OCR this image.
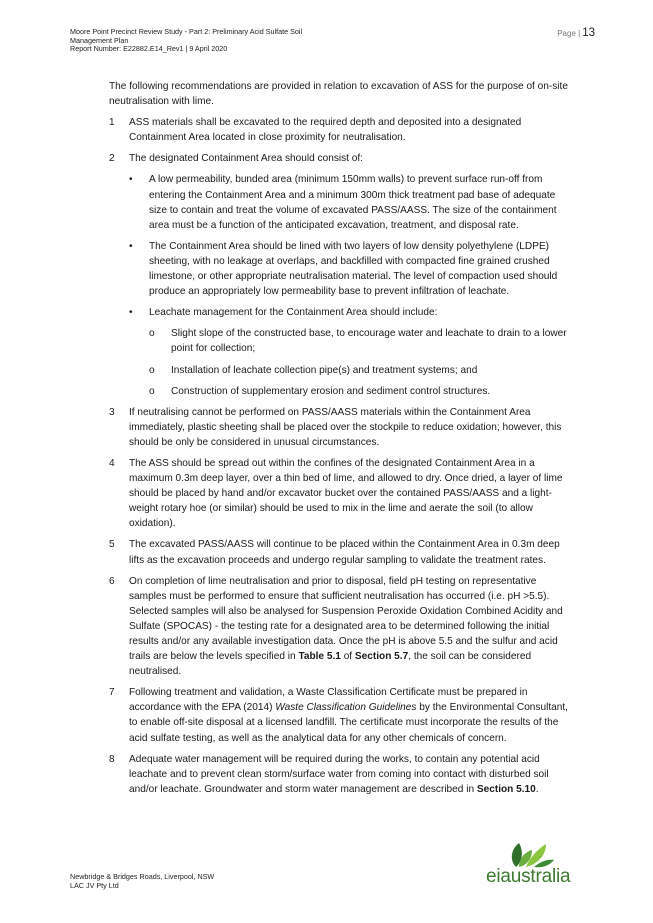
Moore Point Precinct Review Study - Part 2: Preliminary Acid Sulfate Soil
Management Plan
Report Number: E22882.E14_Rev1 | 9 April 2020
Page | 13

The following recommendations are provided in relation to excavation of ASS for the purpose of on-site neutralisation with lime.

1 ASS materials shall be excavated to the required depth and deposited into a designated Containment Area located in close proximity for neutralisation.
2 The designated Containment Area should consist of:
• A low permeability, bunded area (minimum 150mm walls) to prevent surface run-off from entering the Containment Area and a minimum 300m thick treatment pad base of adequate size to contain and treat the volume of excavated PASS/AASS. The size of the containment area must be a function of the anticipated excavation, treatment, and disposal rate.
• The Containment Area should be lined with two layers of low density polyethylene (LDPE) sheeting, with no leakage at overlaps, and backfilled with compacted fine grained crushed limestone, or other appropriate neutralisation material. The level of compaction used should produce an appropriately low permeability base to prevent infiltration of leachate.
• Leachate management for the Containment Area should include:
o Slight slope of the constructed base, to encourage water and leachate to drain to a lower point for collection;
o Installation of leachate collection pipe(s) and treatment systems; and
o Construction of supplementary erosion and sediment control structures.
3 If neutralising cannot be performed on PASS/AASS materials within the Containment Area immediately, plastic sheeting shall be placed over the stockpile to reduce oxidation; however, this should be only be considered in unusual circumstances.
4 The ASS should be spread out within the confines of the designated Containment Area in a maximum 0.3m deep layer, over a thin bed of lime, and allowed to dry. Once dried, a layer of lime should be placed by hand and/or excavator bucket over the contained PASS/AASS and a light-weight rotary hoe (or similar) should be used to mix in the lime and aerate the soil (to allow oxidation).
5 The excavated PASS/AASS will continue to be placed within the Containment Area in 0.3m deep lifts as the excavation proceeds and undergo regular sampling to validate the treatment rates.
6 On completion of lime neutralisation and prior to disposal, field pH testing on representative samples must be performed to ensure that sufficient neutralisation has occurred (i.e. pH >5.5). Selected samples will also be analysed for Suspension Peroxide Oxidation Combined Acidity and Sulfate (SPOCAS) - the testing rate for a designated area to be determined following the initial results and/or any available investigation data. Once the pH is above 5.5 and the sulfur and acid trails are below the levels specified in Table 5.1 of Section 5.7, the soil can be considered neutralised.
7 Following treatment and validation, a Waste Classification Certificate must be prepared in accordance with the EPA (2014) Waste Classification Guidelines by the Environmental Consultant, to enable off-site disposal at a licensed landfill. The certificate must incorporate the results of the acid sulfate testing, as well as the analytical data for any other chemicals of concern.
8 Adequate water management will be required during the works, to contain any potential acid leachate and to prevent clean storm/surface water from coming into contact with disturbed soil and/or leachate. Groundwater and storm water management are described in Section 5.10.
Newbridge & Bridges Roads, Liverpool, NSW
LAC JV Pty Ltd	eiaustralia
